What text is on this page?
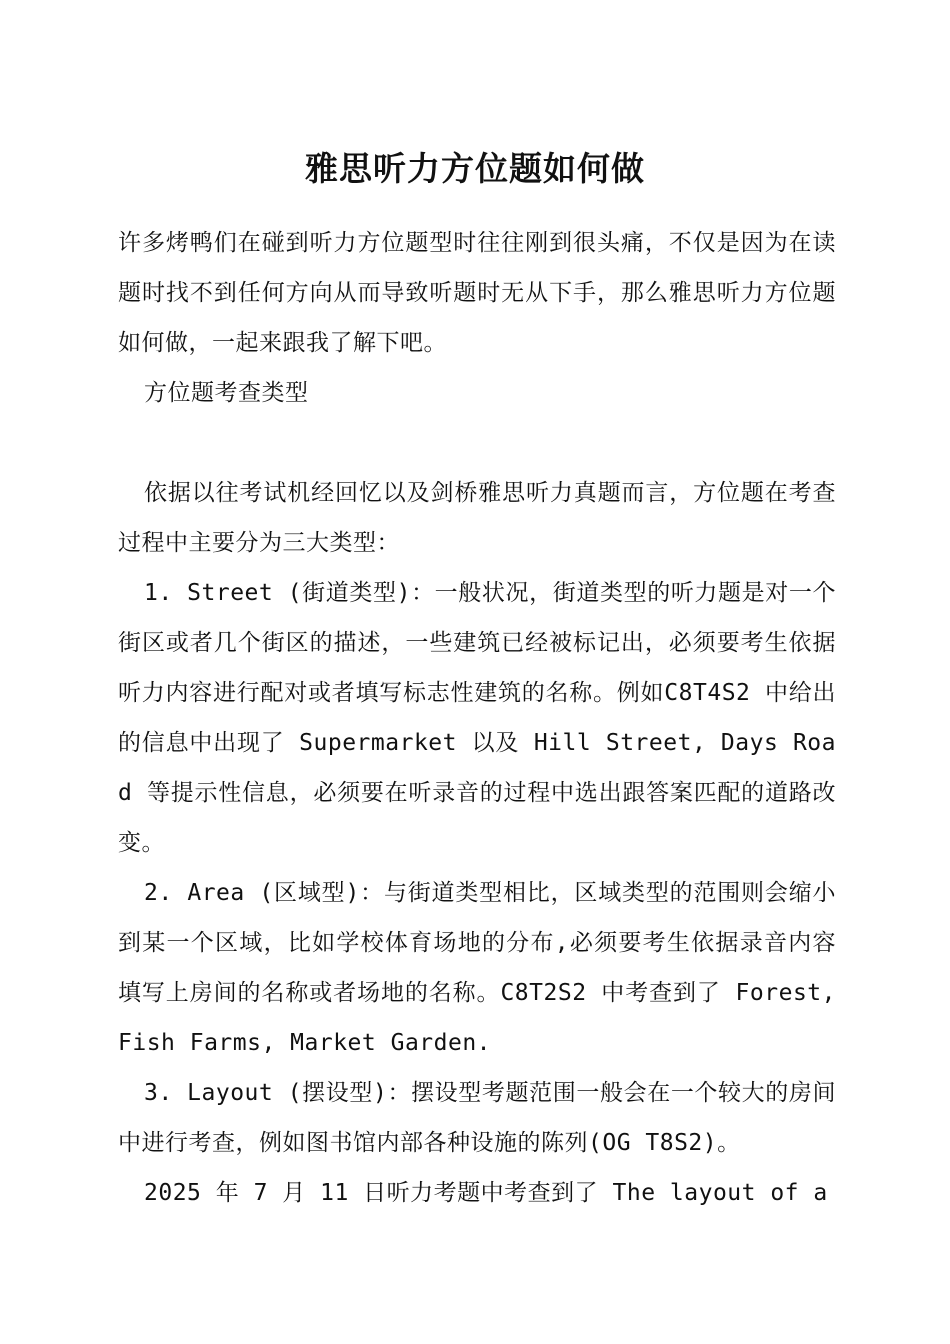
雅思听力方位题如何做

许多烤鸭们在碰到听力方位题型时往往刚到很头痛，不仅是因为在读题时找不到任何方向从而导致听题时无从下手，那么雅思听力方位题如何做，一起来跟我了解下吧。

方位题考查类型

依据以往考试机经回忆以及剑桥雅思听力真题而言，方位题在考查过程中主要分为三大类型：

1. Street (街道类型)：一般状况，街道类型的听力题是对一个街区或者几个街区的描述，一些建筑已经被标记出，必须要考生依据听力内容进行配对或者填写标志性建筑的名称。例如C8T4S2 中给出的信息中出现了 Supermarket 以及 Hill Street, Days Road 等提示性信息，必须要在听录音的过程中选出跟答案匹配的道路改变。

2. Area (区域型)：与街道类型相比，区域类型的范围则会缩小到某一个区域，比如学校体育场地的分布,必须要考生依据录音内容填写上房间的名称或者场地的名称。C8T2S2 中考查到了 Forest, Fish Farms, Market Garden.

3. Layout (摆设型)：摆设型考题范围一般会在一个较大的房间中进行考查，例如图书馆内部各种设施的陈列(OG T8S2)。

2025 年 7 月 11 日听力考题中考查到了 The layout of a
